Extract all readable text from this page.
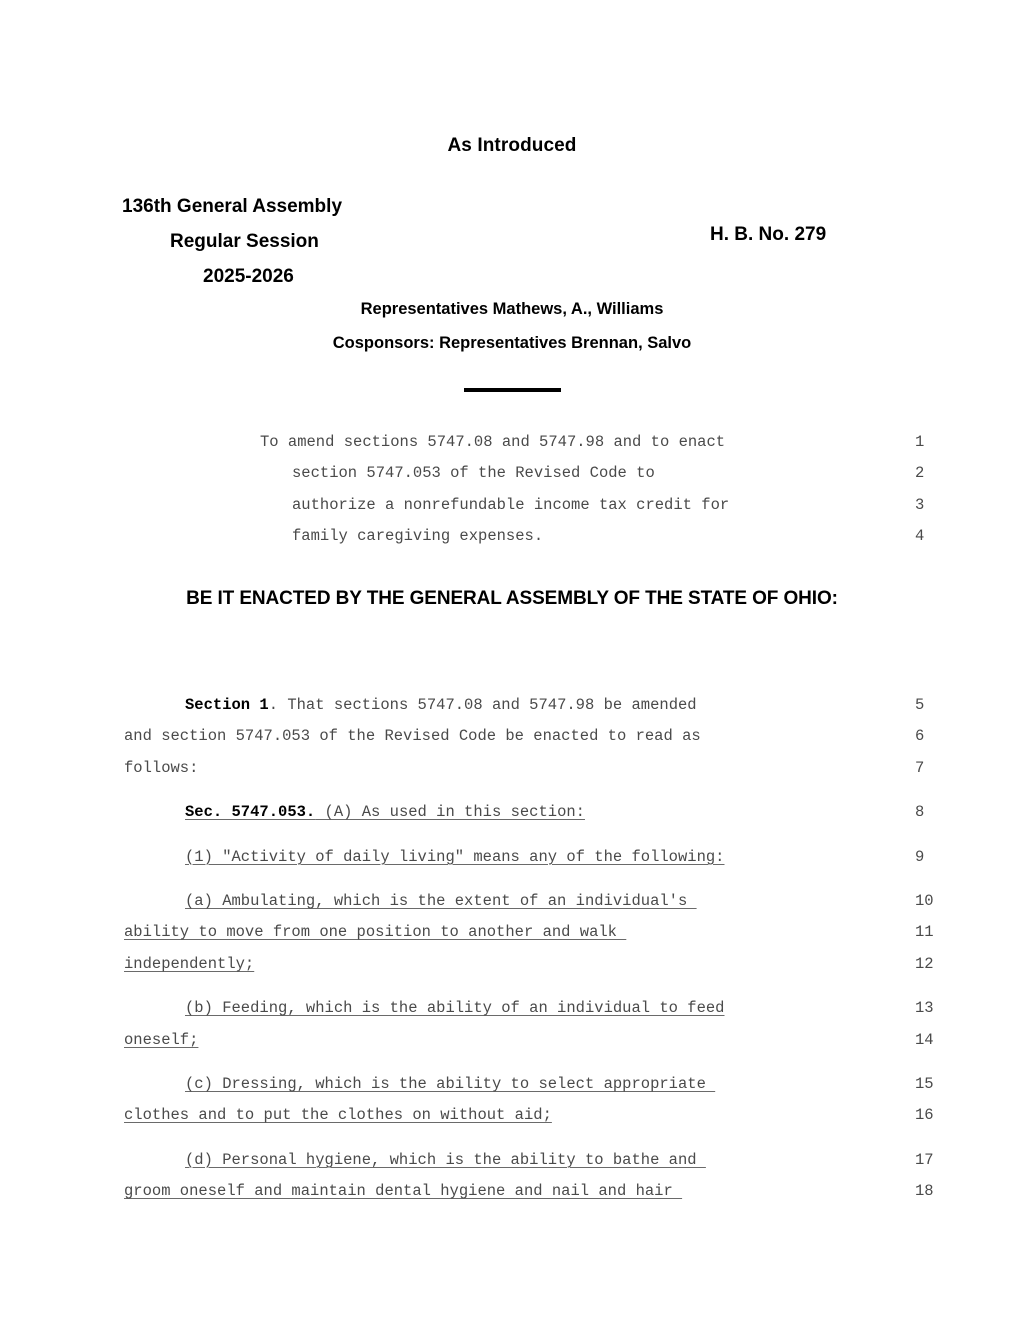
As Introduced
136th General Assembly
Regular Session
2025-2026
H. B. No. 279
Representatives Mathews, A., Williams
Cosponsors: Representatives Brennan, Salvo
To amend sections 5747.08 and 5747.98 and to enact
section 5747.053 of the Revised Code to
authorize a nonrefundable income tax credit for
family caregiving expenses.
1
2
3
4
BE IT ENACTED BY THE GENERAL ASSEMBLY OF THE STATE OF OHIO:
Section 1. That sections 5747.08 and 5747.98 be amended
and section 5747.053 of the Revised Code be enacted to read as
follows:
Sec. 5747.053. (A) As used in this section:
(1) "Activity of daily living" means any of the following:
(a) Ambulating, which is the extent of an individual's
ability to move from one position to another and walk
independently;
(b) Feeding, which is the ability of an individual to feed
oneself;
(c) Dressing, which is the ability to select appropriate
clothes and to put the clothes on without aid;
(d) Personal hygiene, which is the ability to bathe and
groom oneself and maintain dental hygiene and nail and hair
5
6
7
8
9
10
11
12
13
14
15
16
17
18
